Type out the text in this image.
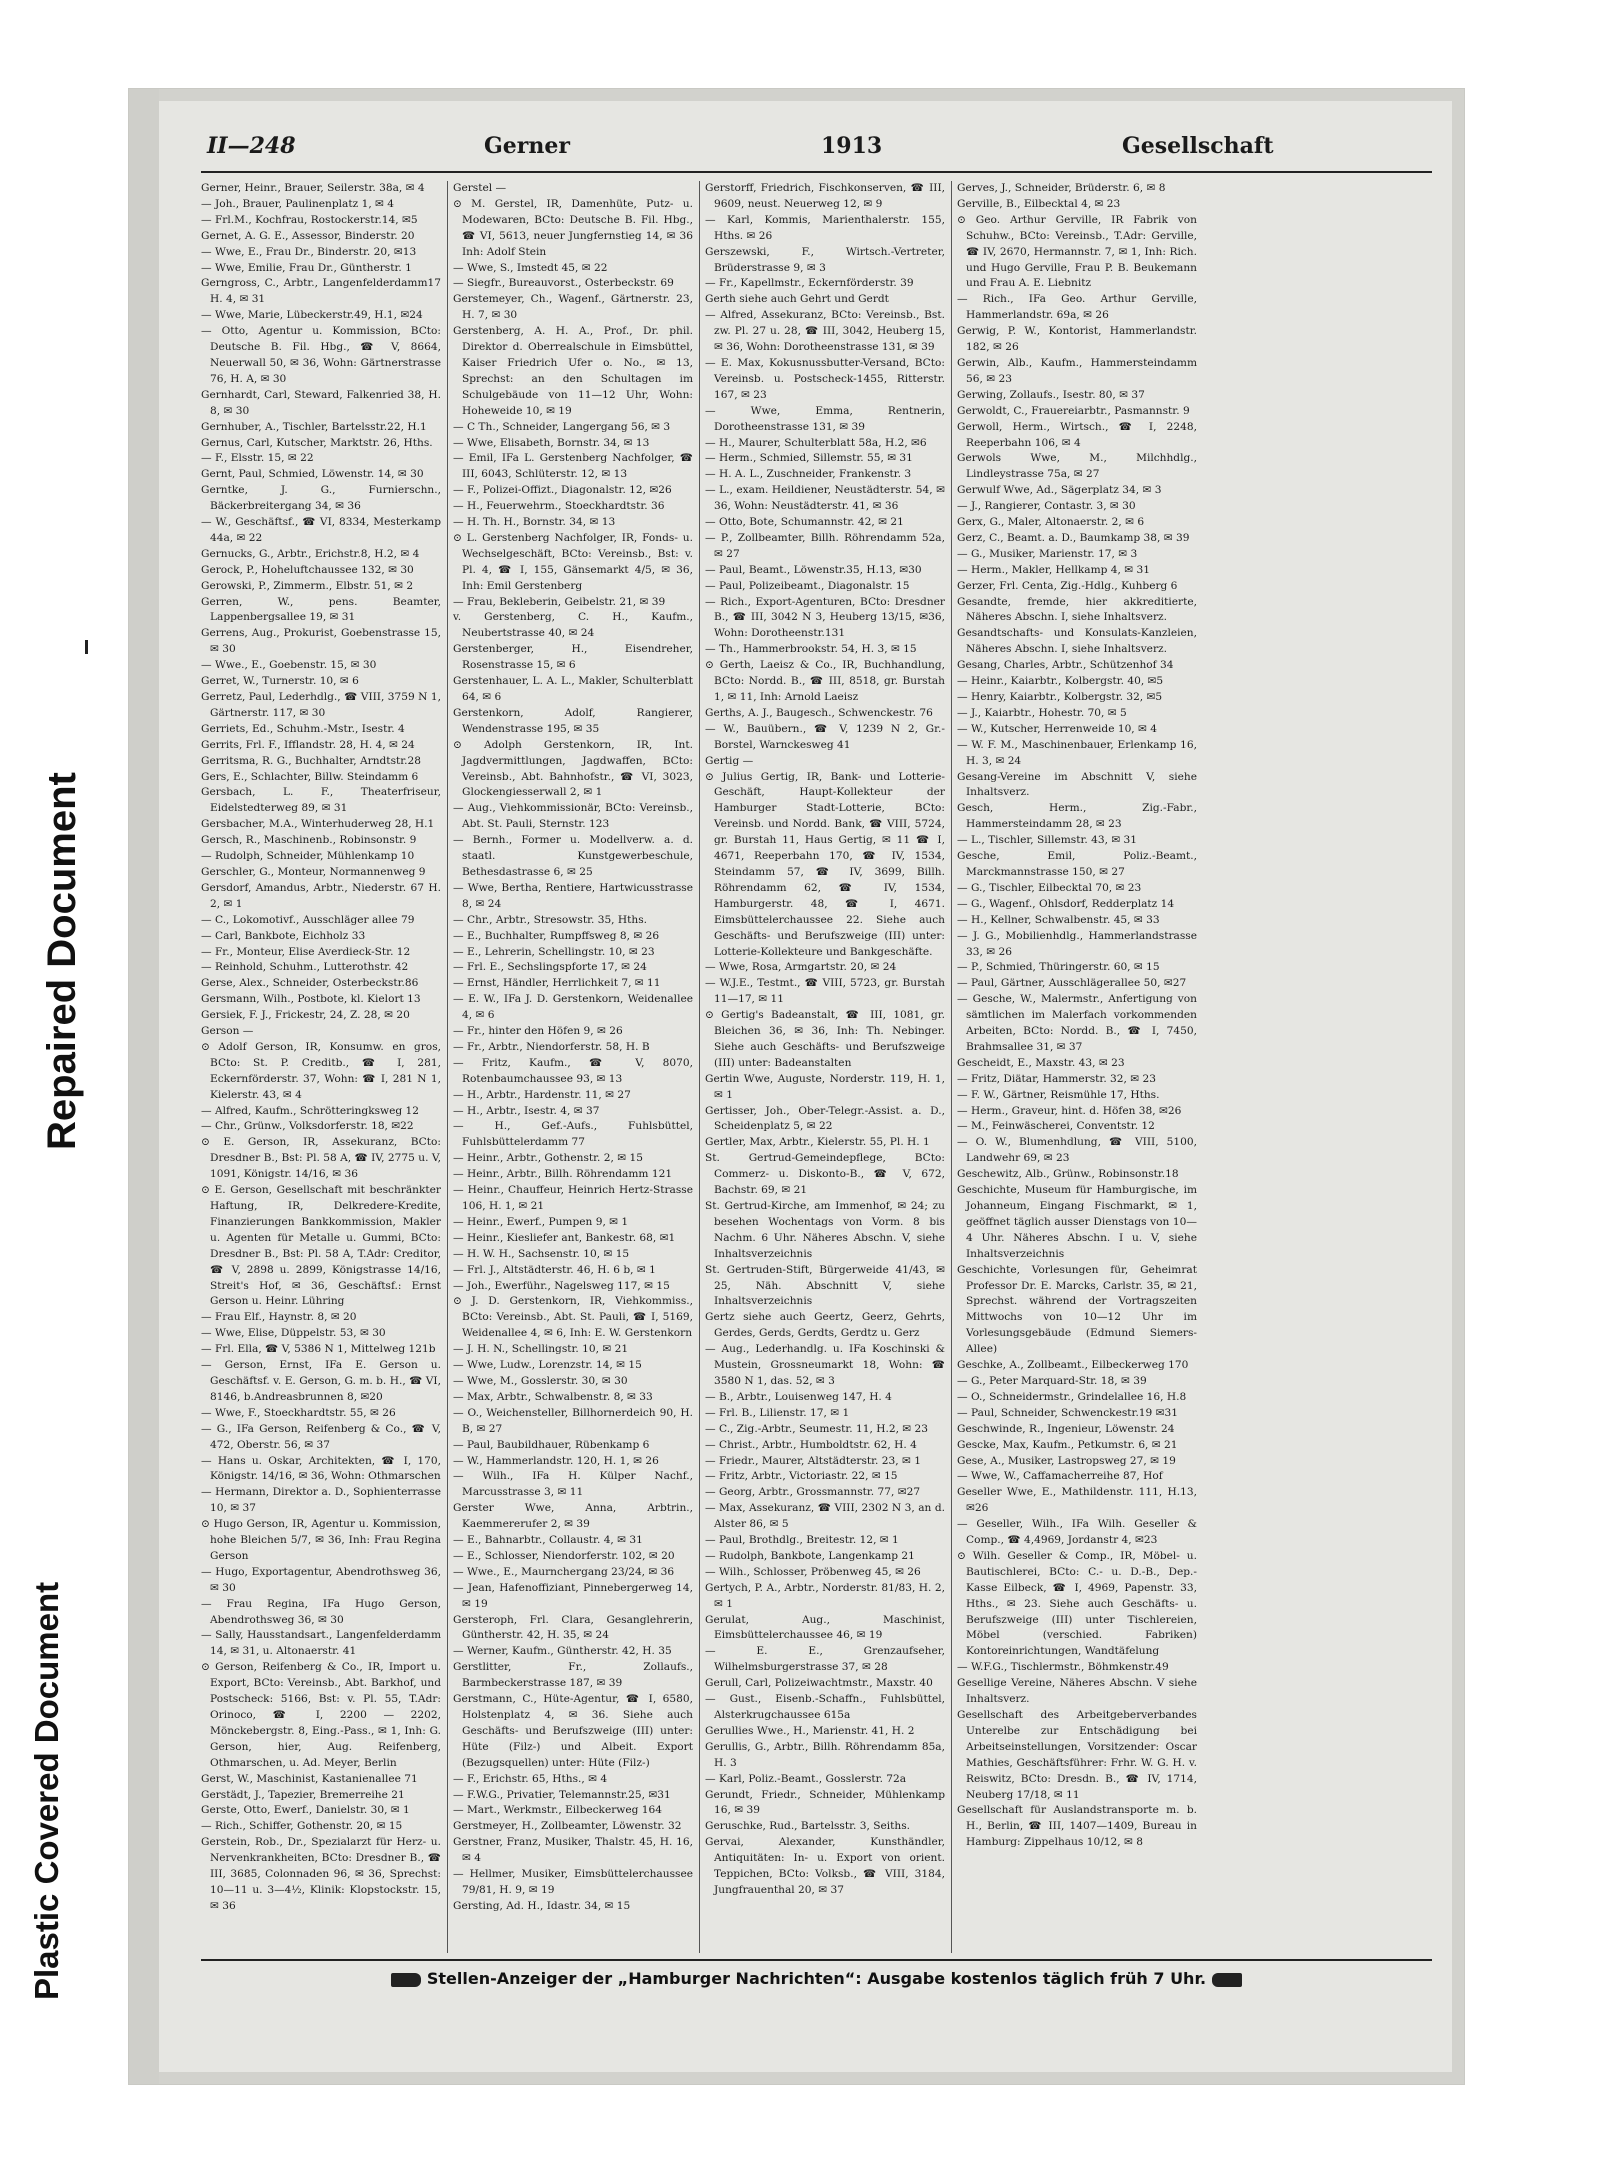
Repaired Document
Plastic Covered Document
II—248	Gerner	1913	Gesellschaft

Gerner, Heinr., Brauer, Seilerstr. 38a, ✉ 4

— Joh., Brauer, Paulinenplatz 1, ✉ 4

— Frl.M., Kochfrau, Rostockerstr.14, ✉5

Gernet, A. G. E., Assessor, Binderstr. 20

— Wwe, E., Frau Dr., Binderstr. 20, ✉13

— Wwe, Emilie, Frau Dr., Güntherstr. 1

Gerngross, C., Arbtr., Langenfelderdamm17 H. 4, ✉ 31

— Wwe, Marie, Lübeckerstr.49, H.1, ✉24

— Otto, Agentur u. Kommission, BCto: Deutsche B. Fil. Hbg., ☎ V, 8664, Neuerwall 50, ✉ 36, Wohn: Gärtnerstrasse 76, H. A, ✉ 30

Gernhardt, Carl, Steward, Falkenried 38, H. 8, ✉ 30

Gernhuber, A., Tischler, Bartelsstr.22, H.1

Gernus, Carl, Kutscher, Marktstr. 26, Hths.

— F., Elsstr. 15, ✉ 22

Gernt, Paul, Schmied, Löwenstr. 14, ✉ 30

Gerntke, J. G., Furnierschn., Bäckerbreitergang 34, ✉ 36

— W., Geschäftsf., ☎ VI, 8334, Mesterkamp 44a, ✉ 22

Gernucks, G., Arbtr., Erichstr.8, H.2, ✉ 4

Gerock, P., Hoheluftchaussee 132, ✉ 30

Gerowski, P., Zimmerm., Elbstr. 51, ✉ 2

Gerren, W., pens. Beamter, Lappenbergsallee 19, ✉ 31

Gerrens, Aug., Prokurist, Goebenstrasse 15, ✉ 30

— Wwe., E., Goebenstr. 15, ✉ 30

Gerret, W., Turnerstr. 10, ✉ 6

Gerretz, Paul, Lederhdlg., ☎ VIII, 3759 N 1, Gärtnerstr. 117, ✉ 30

Gerriets, Ed., Schuhm.-Mstr., Isestr. 4

Gerrits, Frl. F., Ifflandstr. 28, H. 4, ✉ 24

Gerritsma, R. G., Buchhalter, Arndtstr.28

Gers, E., Schlachter, Billw. Steindamm 6

Gersbach, L. F., Theaterfriseur, Eidelstedterweg 89, ✉ 31

Gersbacher, M.A., Winterhuderweg 28, H.1

Gersch, R., Maschinenb., Robinsonstr. 9

— Rudolph, Schneider, Mühlenkamp 10

Gerschler, G., Monteur, Normannenweg 9

Gersdorf, Amandus, Arbtr., Niederstr. 67 H. 2, ✉ 1

— C., Lokomotivf., Ausschläger allee 79

— Carl, Bankbote, Eichholz 33

— Fr., Monteur, Elise Averdieck-Str. 12

— Reinhold, Schuhm., Lutterothstr. 42

Gerse, Alex., Schneider, Osterbeckstr.86

Gersmann, Wilh., Postbote, kl. Kielort 13

Gersiek, F. J., Frickestr, 24, Z. 28, ✉ 20

Gerson —

⊙ Adolf Gerson, IR, Konsumw. en gros, BCto: St. P. Creditb., ☎ I, 281, Eckernförderstr. 37, Wohn: ☎ I, 281 N 1, Kielerstr. 43, ✉ 4

— Alfred, Kaufm., Schrötteringksweg 12

— Chr., Grünw., Volksdorferstr. 18, ✉22

⊙ E. Gerson, IR, Assekuranz, BCto: Dresdner B., Bst: Pl. 58 A, ☎ IV, 2775 u. V, 1091, Königstr. 14/16, ✉ 36

⊙ E. Gerson, Gesellschaft mit beschränkter Haftung, IR, Delkredere-Kredite, Finanzierungen Bankkommission, Makler u. Agenten für Metalle u. Gummi, BCto: Dresdner B., Bst: Pl. 58 A, T.Adr: Creditor, ☎ V, 2898 u. 2899, Königstrasse 14/16, Streit's Hof, ✉ 36, Geschäftsf.: Ernst Gerson u. Heinr. Lühring

— Frau Elf., Haynstr. 8, ✉ 20

— Wwe, Elise, Düppelstr. 53, ✉ 30

— Frl. Ella, ☎ V, 5386 N 1, Mittelweg 121b

— Gerson, Ernst, IFa E. Gerson u. Geschäftsf. v. E. Gerson, G. m. b. H., ☎ VI, 8146, b.Andreasbrunnen 8, ✉20

— Wwe, F., Stoeckhardtstr. 55, ✉ 26

— G., IFa Gerson, Reifenberg & Co., ☎ V, 472, Oberstr. 56, ✉ 37

— Hans u. Oskar, Architekten, ☎ I, 170, Königstr. 14/16, ✉ 36, Wohn: Othmarschen

— Hermann, Direktor a. D., Sophienterrasse 10, ✉ 37

⊙ Hugo Gerson, IR, Agentur u. Kommission, hohe Bleichen 5/7, ✉ 36, Inh: Frau Regina Gerson

— Hugo, Exportagentur, Abendrothsweg 36, ✉ 30

— Frau Regina, IFa Hugo Gerson, Abendrothsweg 36, ✉ 30

— Sally, Hausstandsart., Langenfelderdamm 14, ✉ 31, u. Altonaerstr. 41

⊙ Gerson, Reifenberg & Co., IR, Import u. Export, BCto: Vereinsb., Abt. Barkhof, und Postscheck: 5166, Bst: v. Pl. 55, T.Adr: Orinoco, ☎ I, 2200 — 2202, Mönckebergstr. 8, Eing.-Pass., ✉ 1, Inh: G. Gerson, hier, Aug. Reifenberg, Othmarschen, u. Ad. Meyer, Berlin

Gerst, W., Maschinist, Kastanienallee 71

Gerstädt, J., Tapezier, Bremerreihe 21

Gerste, Otto, Ewerf., Danielstr. 30, ✉ 1

— Rich., Schiffer, Gothenstr. 20, ✉ 15

Gerstein, Rob., Dr., Spezialarzt für Herz- u. Nervenkrankheiten, BCto: Dresdner B., ☎ III, 3685, Colonnaden 96, ✉ 36, Sprechst: 10—11 u. 3—4½, Klinik: Klopstockstr. 15, ✉ 36

Gerstel —

⊙ M. Gerstel, IR, Damenhüte, Putz- u. Modewaren, BCto: Deutsche B. Fil. Hbg., ☎ VI, 5613, neuer Jungfernstieg 14, ✉ 36 Inh: Adolf Stein

— Wwe, S., Imstedt 45, ✉ 22

— Siegfr., Bureauvorst., Osterbeckstr. 69

Gerstemeyer, Ch., Wagenf., Gärtnerstr. 23, H. 7, ✉ 30

Gerstenberg, A. H. A., Prof., Dr. phil. Direktor d. Oberrealschule in Eimsbüttel, Kaiser Friedrich Ufer o. No., ✉ 13, Sprechst: an den Schultagen im Schulgebäude von 11—12 Uhr, Wohn: Hoheweide 10, ✉ 19

— C Th., Schneider, Langergang 56, ✉ 3

— Wwe, Elisabeth, Bornstr. 34, ✉ 13

— Emil, IFa L. Gerstenberg Nachfolger, ☎ III, 6043, Schlüterstr. 12, ✉ 13

— F., Polizei-Offizt., Diagonalstr. 12, ✉26

— H., Feuerwehrm., Stoeckhardtstr. 36

— H. Th. H., Bornstr. 34, ✉ 13

⊙ L. Gerstenberg Nachfolger, IR, Fonds- u. Wechselgeschäft, BCto: Vereinsb., Bst: v. Pl. 4, ☎ I, 155, Gänsemarkt 4/5, ✉ 36, Inh: Emil Gerstenberg

— Frau, Bekleberin, Geibelstr. 21, ✉ 39

v. Gerstenberg, C. H., Kaufm., Neubertstrasse 40, ✉ 24

Gerstenberger, H., Eisendreher, Rosenstrasse 15, ✉ 6

Gerstenhauer, L. A. L., Makler, Schulterblatt 64, ✉ 6

Gerstenkorn, Adolf, Rangierer, Wendenstrasse 195, ✉ 35

⊙ Adolph Gerstenkorn, IR, Int. Jagdvermittlungen, Jagdwaffen, BCto: Vereinsb., Abt. Bahnhofstr., ☎ VI, 3023, Glockengiesserwall 2, ✉ 1

— Aug., Viehkommissionär, BCto: Vereinsb., Abt. St. Pauli, Sternstr. 123

— Bernh., Former u. Modellverw. a. d. staatl. Kunstgewerbeschule, Bethesdastrasse 6, ✉ 25

— Wwe, Bertha, Rentiere, Hartwicusstrasse 8, ✉ 24

— Chr., Arbtr., Stresowstr. 35, Hths.

— E., Buchhalter, Rumpffsweg 8, ✉ 26

— E., Lehrerin, Schellingstr. 10, ✉ 23

— Frl. E., Sechslingspforte 17, ✉ 24

— Ernst, Händler, Herrlichkeit 7, ✉ 11

— E. W., IFa J. D. Gerstenkorn, Weidenallee 4, ✉ 6

— Fr., hinter den Höfen 9, ✉ 26

— Fr., Arbtr., Niendorferstr. 58, H. B

— Fritz, Kaufm., ☎ V, 8070, Rotenbaumchaussee 93, ✉ 13

— H., Arbtr., Hardenstr. 11, ✉ 27

— H., Arbtr., Isestr. 4, ✉ 37

— H., Gef.-Aufs., Fuhlsbüttel, Fuhlsbüttelerdamm 77

— Heinr., Arbtr., Gothenstr. 2, ✉ 15

— Heinr., Arbtr., Billh. Röhrendamm 121

— Heinr., Chauffeur, Heinrich Hertz-Strasse 106, H. 1, ✉ 21

— Heinr., Ewerf., Pumpen 9, ✉ 1

— Heinr., Kiesliefer ant, Bankestr. 68, ✉1

— H. W. H., Sachsenstr. 10, ✉ 15

— Frl. J., Altstädterstr. 46, H. 6 b, ✉ 1

— Joh., Ewerführ., Nagelsweg 117, ✉ 15

⊙ J. D. Gerstenkorn, IR, Viehkommiss., BCto: Vereinsb., Abt. St. Pauli, ☎ I, 5169, Weidenallee 4, ✉ 6, Inh: E. W. Gerstenkorn

— J. H. N., Schellingstr. 10, ✉ 21

— Wwe, Ludw., Lorenzstr. 14, ✉ 15

— Wwe, M., Gosslerstr. 30, ✉ 30

— Max, Arbtr., Schwalbenstr. 8, ✉ 33

— O., Weichensteller, Billhornerdeich 90, H. B, ✉ 27

— Paul, Baubildhauer, Rübenkamp 6

— W., Hammerlandstr. 120, H. 1, ✉ 26

— Wilh., IFa H. Külper Nachf., Marcusstrasse 3, ✉ 11

Gerster Wwe, Anna, Arbtrin., Kaemmererufer 2, ✉ 39

— E., Bahnarbtr., Collaustr. 4, ✉ 31

— E., Schlosser, Niendorferstr. 102, ✉ 20

— Wwe., E., Maurnchergang 23/24, ✉ 36

— Jean, Hafenoffiziant, Pinnebergerweg 14, ✉ 19

Gersteroph, Frl. Clara, Gesanglehrerin, Güntherstr. 42, H. 35, ✉ 24

— Werner, Kaufm., Güntherstr. 42, H. 35

Gerstlitter, Fr., Zollaufs., Barmbeckerstrasse 187, ✉ 39

Gerstmann, C., Hüte-Agentur, ☎ I, 6580, Holstenplatz 4, ✉ 36. Siehe auch Geschäfts- und Berufszweige (III) unter: Hüte (Filz-) und Albeit. Export (Bezugsquellen) unter: Hüte (Filz-)

— F., Erichstr. 65, Hths., ✉ 4

— F.W.G., Privatier, Telemannstr.25, ✉31

— Mart., Werkmstr., Eilbeckerweg 164

Gerstmeyer, H., Zollbeamter, Löwenstr. 32

Gerstner, Franz, Musiker, Thalstr. 45, H. 16, ✉ 4

— Hellmer, Musiker, Eimsbüttelerchaussee 79/81, H. 9, ✉ 19

Gersting, Ad. H., Idastr. 34, ✉ 15

Gerstorff, Friedrich, Fischkonserven, ☎ III, 9609, neust. Neuerweg 12, ✉ 9

— Karl, Kommis, Marienthalerstr. 155, Hths. ✉ 26

Gerszewski, F., Wirtsch.-Vertreter, Brüderstrasse 9, ✉ 3

— Fr., Kapellmstr., Eckernförderstr. 39

Gerth siehe auch Gehrt und Gerdt

— Alfred, Assekuranz, BCto: Vereinsb., Bst. zw. Pl. 27 u. 28, ☎ III, 3042, Heuberg 15, ✉ 36, Wohn: Dorotheenstrasse 131, ✉ 39

— E. Max, Kokusnussbutter-Versand, BCto: Vereinsb. u. Postscheck-1455, Ritterstr. 167, ✉ 23

— Wwe, Emma, Rentnerin, Dorotheenstrasse 131, ✉ 39

— H., Maurer, Schulterblatt 58a, H.2, ✉6

— Herm., Schmied, Sillemstr. 55, ✉ 31

— H. A. L., Zuschneider, Frankenstr. 3

— L., exam. Heildiener, Neustädterstr. 54, ✉ 36, Wohn: Neustädterstr. 41, ✉ 36

— Otto, Bote, Schumannstr. 42, ✉ 21

— P., Zollbeamter, Billh. Röhrendamm 52a, ✉ 27

— Paul, Beamt., Löwenstr.35, H.13, ✉30

— Paul, Polizeibeamt., Diagonalstr. 15

— Rich., Export-Agenturen, BCto: Dresdner B., ☎ III, 3042 N 3, Heuberg 13/15, ✉36, Wohn: Dorotheenstr.131

— Th., Hammerbrookstr. 54, H. 3, ✉ 15

⊙ Gerth, Laeisz & Co., IR, Buchhandlung, BCto: Nordd. B., ☎ III, 8518, gr. Burstah 1, ✉ 11, Inh: Arnold Laeisz

Gerths, A. J., Baugesch., Schwenckestr. 76

— W., Bauübern., ☎ V, 1239 N 2, Gr.-Borstel, Warnckesweg 41

Gertig —

⊙ Julius Gertig, IR, Bank- und Lotterie-Geschäft, Haupt-Kollekteur der Hamburger Stadt-Lotterie, BCto: Vereinsb. und Nordd. Bank, ☎ VIII, 5724, gr. Burstah 11, Haus Gertig, ✉ 11 ☎ I, 4671, Reeperbahn 170, ☎ IV, 1534, Steindamm 57, ☎ IV, 3699, Billh. Röhrendamm 62, ☎ IV, 1534, Hamburgerstr. 48, ☎ I, 4671. Eimsbüttelerchaussee 22. Siehe auch Geschäfts- und Berufszweige (III) unter: Lotterie-Kollekteure und Bankgeschäfte.

— Wwe, Rosa, Armgartstr. 20, ✉ 24

— W.J.E., Testmt., ☎ VIII, 5723, gr. Burstah 11—17, ✉ 11

⊙ Gertig's Badeanstalt, ☎ III, 1081, gr. Bleichen 36, ✉ 36, Inh: Th. Nebinger. Siehe auch Geschäfts- und Berufszweige (III) unter: Badeanstalten

Gertin Wwe, Auguste, Norderstr. 119, H. 1, ✉ 1

Gertisser, Joh., Ober-Telegr.-Assist. a. D., Scheidenplatz 5, ✉ 22

Gertler, Max, Arbtr., Kielerstr. 55, Pl. H. 1

St. Gertrud-Gemeindepflege, BCto: Commerz- u. Diskonto-B., ☎ V, 672, Bachstr. 69, ✉ 21

St. Gertrud-Kirche, am Immenhof, ✉ 24; zu besehen Wochentags von Vorm. 8 bis Nachm. 6 Uhr. Näheres Abschn. V, siehe Inhaltsverzeichnis

St. Gertruden-Stift, Bürgerweide 41/43, ✉ 25, Näh. Abschnitt V, siehe Inhaltsverzeichnis

Gertz siehe auch Geertz, Geerz, Gehrts, Gerdes, Gerds, Gerdts, Gerdtz u. Gerz

— Aug., Lederhandlg. u. IFa Koschinski & Mustein, Grossneumarkt 18, Wohn: ☎ 3580 N 1, das. 52, ✉ 3

— B., Arbtr., Louisenweg 147, H. 4

— Frl. B., Lilienstr. 17, ✉ 1

— C., Zig.-Arbtr., Seumestr. 11, H.2, ✉ 23

— Christ., Arbtr., Humboldtstr. 62, H. 4

— Friedr., Maurer, Altstädterstr. 23, ✉ 1

— Fritz, Arbtr., Victoriastr. 22, ✉ 15

— Georg, Arbtr., Grossmannstr. 77, ✉27

— Max, Assekuranz, ☎ VIII, 2302 N 3, an d. Alster 86, ✉ 5

— Paul, Brothdlg., Breitestr. 12, ✉ 1

— Rudolph, Bankbote, Langenkamp 21

— Wilh., Schlosser, Pröbenweg 45, ✉ 26

Gertych, P. A., Arbtr., Norderstr. 81/83, H. 2, ✉ 1

Gerulat, Aug., Maschinist, Eimsbüttelerchaussee 46, ✉ 19

— E. E., Grenzaufseher, Wilhelmsburgerstrasse 37, ✉ 28

Gerull, Carl, Polizeiwachtmstr., Maxstr. 40

— Gust., Eisenb.-Schaffn., Fuhlsbüttel, Alsterkrugchaussee 615a

Gerullies Wwe., H., Marienstr. 41, H. 2

Gerullis, G., Arbtr., Billh. Röhrendamm 85a, H. 3

— Karl, Poliz.-Beamt., Gosslerstr. 72a

Gerundt, Friedr., Schneider, Mühlenkamp 16, ✉ 39

Geruschke, Rud., Bartelsstr. 3, Seiths.

Gervai, Alexander, Kunsthändler, Antiquitäten: In- u. Export von orient. Teppichen, BCto: Volksb., ☎ VIII, 3184, Jungfrauenthal 20, ✉ 37

Gerves, J., Schneider, Brüderstr. 6, ✉ 8

Gerville, B., Eilbecktal 4, ✉ 23

⊙ Geo. Arthur Gerville, IR Fabrik von Schuhw., BCto: Vereinsb., T.Adr: Gerville, ☎ IV, 2670, Hermannstr. 7, ✉ 1, Inh: Rich. und Hugo Gerville, Frau P. B. Beukemann und Frau A. E. Liebnitz

— Rich., IFa Geo. Arthur Gerville, Hammerlandstr. 69a, ✉ 26

Gerwig, P. W., Kontorist, Hammerlandstr. 182, ✉ 26

Gerwin, Alb., Kaufm., Hammersteindamm 56, ✉ 23

Gerwing, Zollaufs., Isestr. 80, ✉ 37

Gerwoldt, C., Frauereiarbtr., Pasmannstr. 9

Gerwoll, Herm., Wirtsch., ☎ I, 2248, Reeperbahn 106, ✉ 4

Gerwols Wwe, M., Milchhdlg., Lindleystrasse 75a, ✉ 27

Gerwulf Wwe, Ad., Sägerplatz 34, ✉ 3

— J., Rangierer, Contastr. 3, ✉ 30

Gerx, G., Maler, Altonaerstr. 2, ✉ 6

Gerz, C., Beamt. a. D., Baumkamp 38, ✉ 39

— G., Musiker, Marienstr. 17, ✉ 3

— Herm., Makler, Hellkamp 4, ✉ 31

Gerzer, Frl. Centa, Zig.-Hdlg., Kuhberg 6

Gesandte, fremde, hier akkreditierte, Näheres Abschn. I, siehe Inhaltsverz.

Gesandtschafts- und Konsulats-Kanzleien, Näheres Abschn. I, siehe Inhaltsverz.

Gesang, Charles, Arbtr., Schützenhof 34

— Heinr., Kaiarbtr., Kolbergstr. 40, ✉5

— Henry, Kaiarbtr., Kolbergstr. 32, ✉5

— J., Kaiarbtr., Hohestr. 70, ✉ 5

— W., Kutscher, Herrenweide 10, ✉ 4

— W. F. M., Maschinenbauer, Erlenkamp 16, H. 3, ✉ 24

Gesang-Vereine im Abschnitt V, siehe Inhaltsverz.

Gesch, Herm., Zig.-Fabr., Hammersteindamm 28, ✉ 23

— L., Tischler, Sillemstr. 43, ✉ 31

Gesche, Emil, Poliz.-Beamt., Marckmannstrasse 150, ✉ 27

— G., Tischler, Eilbecktal 70, ✉ 23

— G., Wagenf., Ohlsdorf, Redderplatz 14

— H., Kellner, Schwalbenstr. 45, ✉ 33

— J. G., Mobilienhdlg., Hammerlandstrasse 33, ✉ 26

— P., Schmied, Thüringerstr. 60, ✉ 15

— Paul, Gärtner, Ausschlägerallee 50, ✉27

— Gesche, W., Malermstr., Anfertigung von sämtlichen im Malerfach vorkommenden Arbeiten, BCto: Nordd. B., ☎ I, 7450, Brahmsallee 31, ✉ 37

Gescheidt, E., Maxstr. 43, ✉ 23

— Fritz, Diätar, Hammerstr. 32, ✉ 23

— F. W., Gärtner, Reismühle 17, Hths.

— Herm., Graveur, hint. d. Höfen 38, ✉26

— M., Feinwäscherei, Conventstr. 12

— O. W., Blumenhdlung, ☎ VIII, 5100, Landwehr 69, ✉ 23

Geschewitz, Alb., Grünw., Robinsonstr.18

Geschichte, Museum für Hamburgische, im Johanneum, Eingang Fischmarkt, ✉ 1, geöffnet täglich ausser Dienstags von 10—4 Uhr. Näheres Abschn. I u. V, siehe Inhaltsverzeichnis

Geschichte, Vorlesungen für, Geheimrat Professor Dr. E. Marcks, Carlstr. 35, ✉ 21, Sprechst. während der Vortragszeiten Mittwochs von 10—12 Uhr im Vorlesungsgebäude (Edmund Siemers-Allee)

Geschke, A., Zollbeamt., Eilbeckerweg 170

— G., Peter Marquard-Str. 18, ✉ 39

— O., Schneidermstr., Grindelallee 16, H.8

— Paul, Schneider, Schwenckestr.19 ✉31

Geschwinde, R., Ingenieur, Löwenstr. 24

Gescke, Max, Kaufm., Petkumstr. 6, ✉ 21

Gese, A., Musiker, Lastropsweg 27, ✉ 19

— Wwe, W., Caffamacherreihe 87, Hof

Geseller Wwe, E., Mathildenstr. 111, H.13, ✉26

— Geseller, Wilh., IFa Wilh. Geseller & Comp., ☎ 4,4969, Jordanstr 4, ✉23

⊙ Wilh. Geseller & Comp., IR, Möbel- u. Bautischlerei, BCto: C.- u. D.-B., Dep.-Kasse Eilbeck, ☎ I, 4969, Papenstr. 33, Hths., ✉ 23. Siehe auch Geschäfts- u. Berufszweige (III) unter Tischlereien, Möbel (verschied. Fabriken) Kontoreinrichtungen, Wandtäfelung

— W.F.G., Tischlermstr., Böhmkenstr.49

Gesellige Vereine, Näheres Abschn. V siehe Inhaltsverz.

Gesellschaft des Arbeitgeberverbandes Unterelbe zur Entschädigung bei Arbeitseinstellungen, Vorsitzender: Oscar Mathies, Geschäftsführer: Frhr. W. G. H. v. Reiswitz, BCto: Dresdn. B., ☎ IV, 1714, Neuberg 17/18, ✉ 11

Gesellschaft für Auslandstransporte m. b. H., Berlin, ☎ III, 1407—1409, Bureau in Hamburg: Zippelhaus 10/12, ✉ 8

Stellen-Anzeiger der „Hamburger Nachrichten“: Ausgabe kostenlos täglich früh 7 Uhr.
